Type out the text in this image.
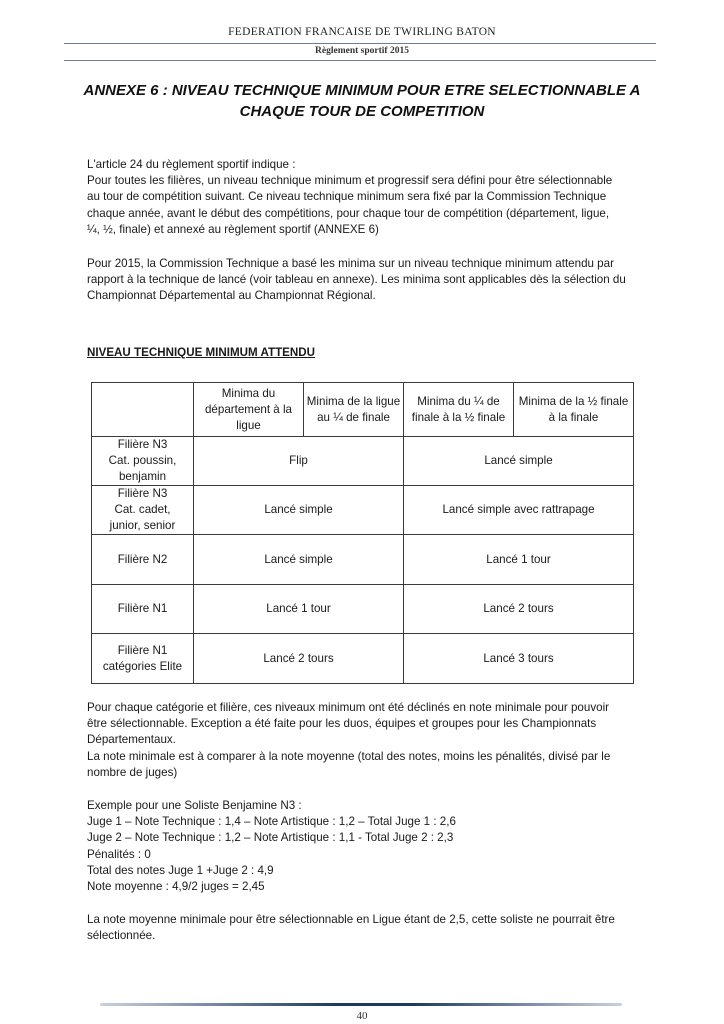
FEDERATION FRANCAISE DE TWIRLING BATON
Règlement sportif 2015
ANNEXE 6 : NIVEAU TECHNIQUE MINIMUM POUR ETRE SELECTIONNABLE A
CHAQUE TOUR DE COMPETITION
L'article 24 du règlement sportif indique :
Pour toutes les filières, un niveau technique minimum et progressif sera défini pour être sélectionnable
au tour de compétition suivant. Ce niveau technique minimum sera fixé par la Commission Technique
chaque année, avant le début des compétitions, pour chaque tour de compétition (département, ligue,
¼, ½, finale) et annexé au règlement sportif (ANNEXE 6)
Pour 2015, la Commission Technique a basé les minima sur un niveau technique minimum attendu par
rapport à la technique de lancé (voir tableau en annexe). Les minima sont applicables dès la sélection du
Championnat Départemental au Championnat Régional.
NIVEAU TECHNIQUE MINIMUM ATTENDU
	Minima du département à la ligue	Minima de la ligue au ¼ de finale	Minima du ¼ de finale à la ½ finale	Minima de la ½ finale à la finale

Filière N3
Cat. poussin,
benjamin	Flip		Lancé simple	

Filière N3
Cat. cadet,
junior, senior	Lancé simple		Lancé simple avec rattrapage	

Filière N2	Lancé simple		Lancé 1 tour	

Filière N1	Lancé 1 tour		Lancé 2 tours	

Filière N1
catégories Elite	Lancé 2 tours		Lancé 3 tours	
Pour chaque catégorie et filière, ces niveaux minimum ont été déclinés en note minimale pour pouvoir
être sélectionnable. Exception a été faite pour les duos, équipes et groupes pour les Championnats
Départementaux.
La note minimale est à comparer à la note moyenne (total des notes, moins les pénalités, divisé par le
nombre de juges)
Exemple pour une Soliste Benjamine N3 :
Juge 1 – Note Technique : 1,4 – Note Artistique : 1,2 – Total Juge 1 : 2,6
Juge 2 – Note Technique : 1,2 – Note Artistique : 1,1 - Total Juge 2 : 2,3
Pénalités : 0
Total des notes Juge 1 +Juge 2 : 4,9
Note moyenne : 4,9/2 juges = 2,45
La note moyenne minimale pour être sélectionnable en Ligue étant de 2,5, cette soliste ne pourrait être
sélectionnée.
40
